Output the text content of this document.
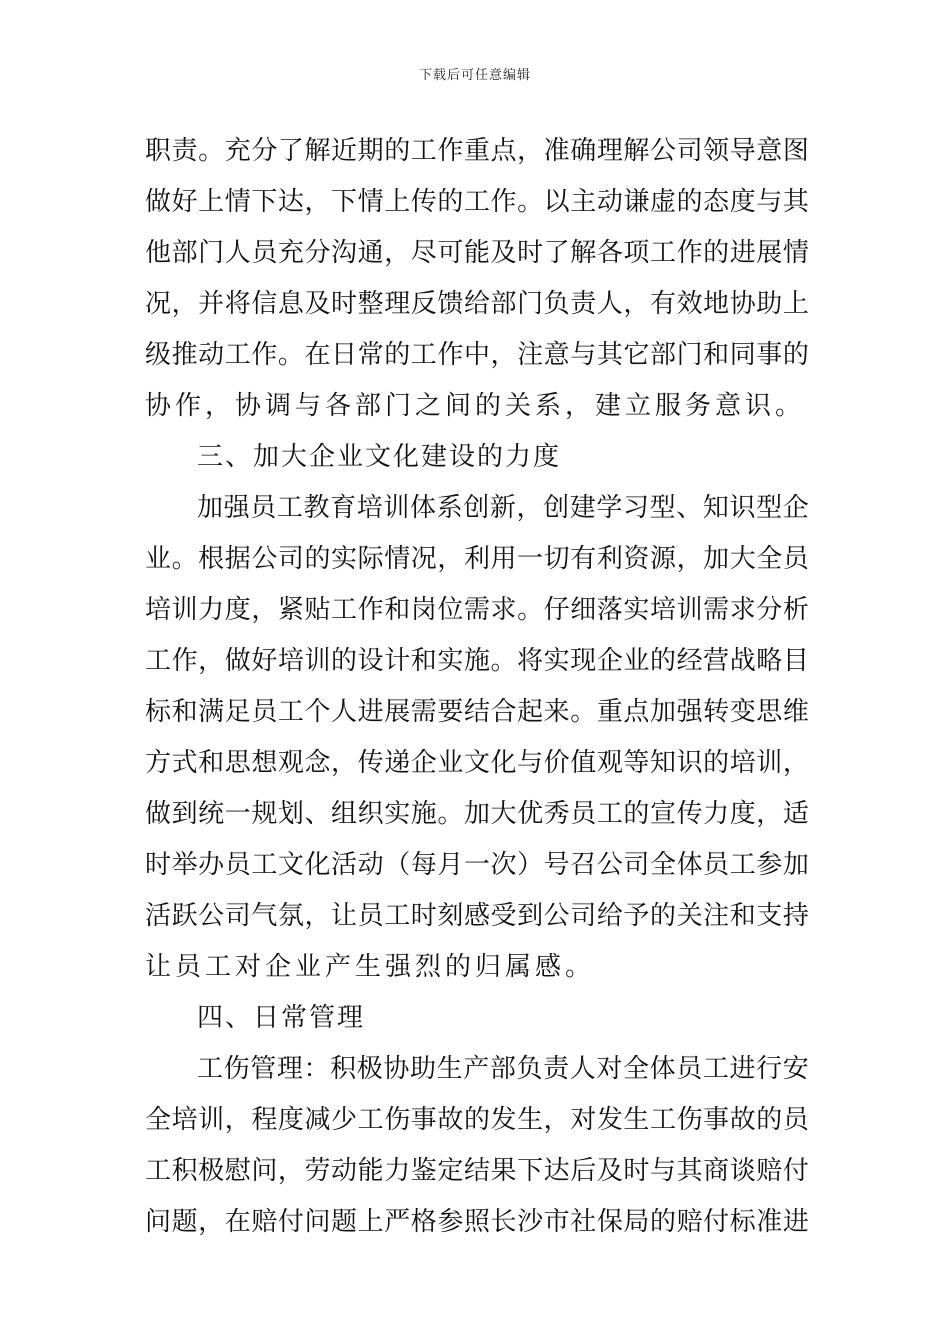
下载后可任意编辑
职 责 。 充 分 了 解 近 期 的 工 作 重 点 ， 准 确 理 解 公 司 领 导 意 图
做 好 上 情 下 达 ， 下 情 上 传 的 工 作 。 以 主 动 谦 虚 的 态 度 与 其
他 部 门 人 员 充 分 沟 通 ， 尽 可 能 及 时 了 解 各 项 工 作 的 进 展 情
况 ， 并 将 信 息 及 时 整 理 反 馈 给 部 门 负 责 人 ， 有 效 地 协 助 上
级 推 动 工 作 。 在 日 常 的 工 作 中 ， 注 意 与 其 它 部 门 和 同 事 的
协作，协调与各部门之间的关系，建立服务意识。
三、加大企业文化建设的力度
加 强 员 工 教 育 培 训 体 系 创 新 ， 创 建 学 习 型 、 知 识 型 企
业 。 根 据 公 司 的 实 际 情 况 ， 利 用 一 切 有 利 资 源 ， 加 大 全 员
培 训 力 度 ， 紧 贴 工 作 和 岗 位 需 求 。 仔 细 落 实 培 训 需 求 分 析
工 作 ， 做 好 培 训 的 设 计 和 实 施 。 将 实 现 企 业 的 经 营 战 略 目
标 和 满 足 员 工 个 人 进 展 需 要 结 合 起 来 。 重 点 加 强 转 变 思 维
方 式 和 思 想 观 念 ， 传 递 企 业 文 化 与 价 值 观 等 知 识 的 培 训 ，
做 到 统 一 规 划 、 组 织 实 施 。 加 大 优 秀 员 工 的 宣 传 力 度 ， 适
时 举 办 员 工 文 化 活 动 （ 每 月 一 次 ） 号 召 公 司 全 体 员 工 参 加
活 跃 公 司 气 氛 ， 让 员 工 时 刻 感 受 到 公 司 给 予 的 关 注 和 支 持
让员工对企业产生强烈的归属感。
四、日常管理
工 伤 管 理 ： 积 极 协 助 生 产 部 负 责 人 对 全 体 员 工 进 行 安
全 培 训 ， 程 度 减 少 工 伤 事 故 的 发 生 ， 对 发 生 工 伤 事 故 的 员
工 积 极 慰 问 ， 劳 动 能 力 鉴 定 结 果 下 达 后 及 时 与 其 商 谈 赔 付
问 题 ， 在 赔 付 问 题 上 严 格 参 照 长 沙 市 社 保 局 的 赔 付 标 准 进
